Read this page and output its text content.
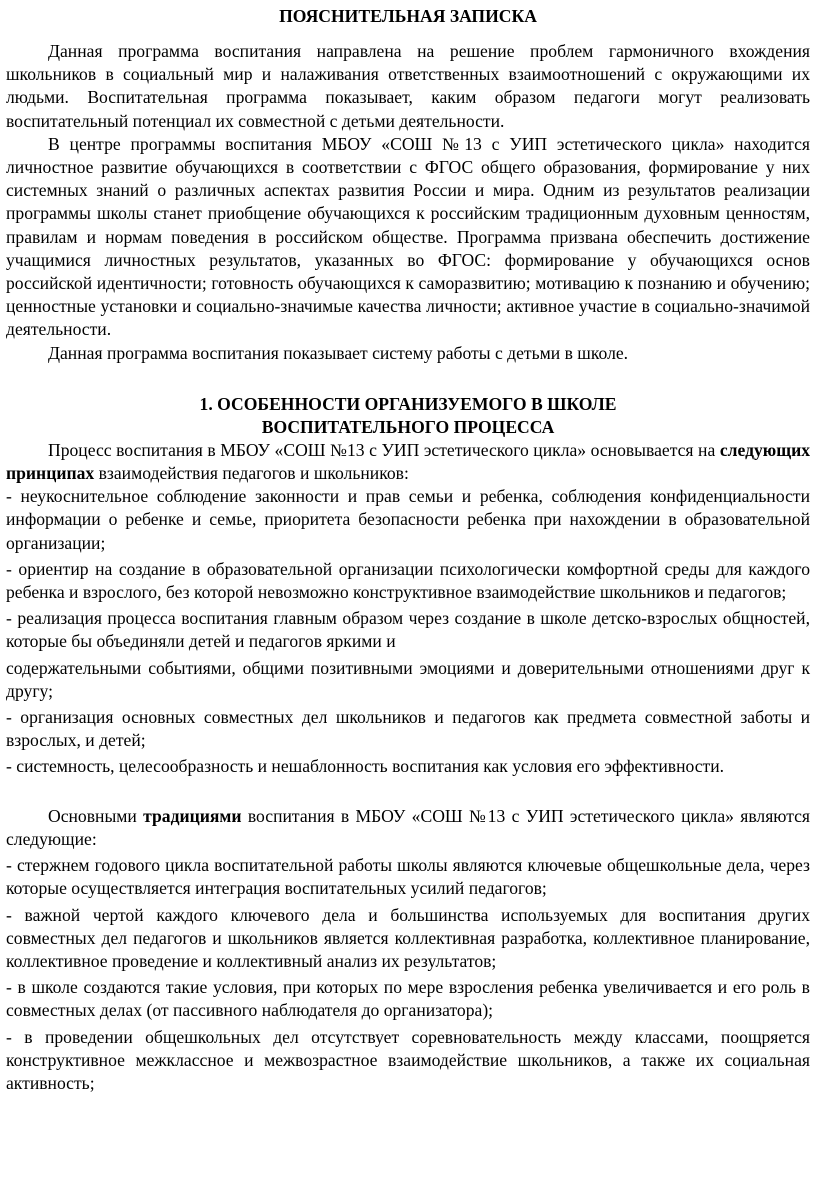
ПОЯСНИТЕЛЬНАЯ ЗАПИСКА

Данная программа воспитания направлена на решение проблем гармоничного вхождения школьников в социальный мир и налаживания ответственных взаимоотношений с окружающими их людьми. Воспитательная программа показывает, каким образом педагоги могут реализовать воспитательный потенциал их совместной с детьми деятельности.

В центре программы воспитания МБОУ «СОШ №13 с УИП эстетического цикла» находится личностное развитие обучающихся в соответствии с ФГОС общего образования, формирование у них системных знаний о различных аспектах развития России и мира. Одним из результатов реализации программы школы станет приобщение обучающихся к российским традиционным духовным ценностям, правилам и нормам поведения в российском обществе. Программа призвана обеспечить достижение учащимися личностных результатов, указанных во ФГОС: формирование у обучающихся основ российской идентичности; готовность обучающихся к саморазвитию; мотивацию к познанию и обучению; ценностные установки и социально-значимые качества личности; активное участие в социально-значимой деятельности.

Данная программа воспитания показывает систему работы с детьми в школе.

1. ОСОБЕННОСТИ ОРГАНИЗУЕМОГО В ШКОЛЕ
ВОСПИТАТЕЛЬНОГО ПРОЦЕССА

Процесс воспитания в МБОУ «СОШ №13 с УИП эстетического цикла» основывается на следующих принципах взаимодействия педагогов и школьников:

- неукоснительное соблюдение законности и прав семьи и ребенка, соблюдения конфиденциальности информации о ребенке и семье, приоритета безопасности ребенка при нахождении в образовательной организации;

- ориентир на создание в образовательной организации психологически комфортной среды для каждого ребенка и взрослого, без которой невозможно конструктивное взаимодействие школьников и педагогов;

- реализация процесса воспитания главным образом через создание в школе детско-взрослых общностей, которые бы объединяли детей и педагогов яркими и

содержательными событиями, общими позитивными эмоциями и доверительными отношениями друг к другу;

- организация основных совместных дел школьников и педагогов как предмета совместной заботы и взрослых, и детей;

- системность, целесообразность и нешаблонность воспитания как условия его эффективности.

Основными традициями воспитания в МБОУ «СОШ №13 с УИП эстетического цикла» являются следующие:

- стержнем годового цикла воспитательной работы школы являются ключевые общешкольные дела, через которые осуществляется интеграция воспитательных усилий педагогов;

- важной чертой каждого ключевого дела и большинства используемых для воспитания других совместных дел педагогов и школьников является коллективная разработка, коллективное планирование, коллективное проведение и коллективный анализ их результатов;

- в школе создаются такие условия, при которых по мере взросления ребенка увеличивается и его роль в совместных делах (от пассивного наблюдателя до организатора);

- в проведении общешкольных дел отсутствует соревновательность между классами, поощряется конструктивное межклассное и межвозрастное взаимодействие школьников, а также их социальная активность;
